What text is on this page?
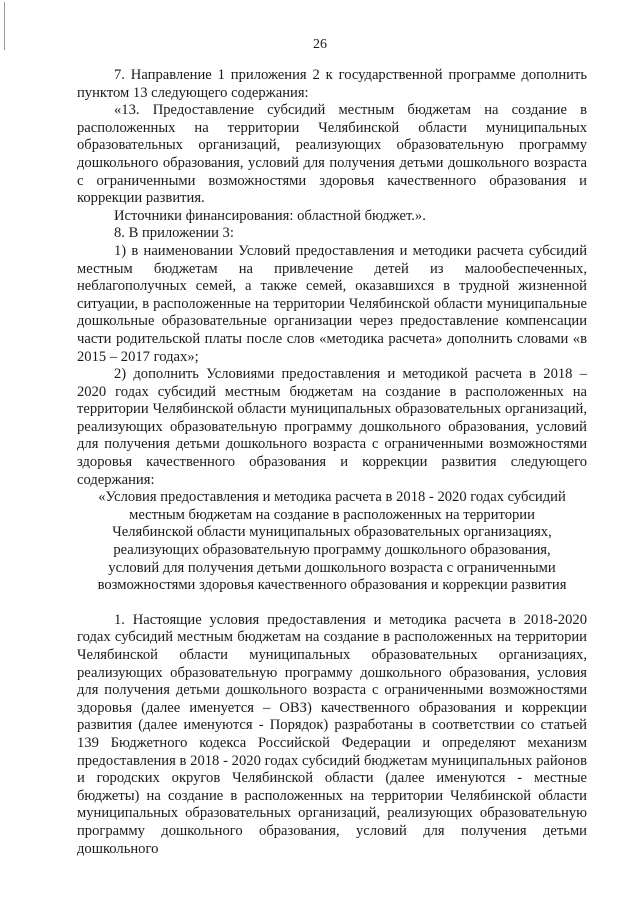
26

7. Направление 1 приложения 2 к государственной программе дополнить пунктом 13 следующего содержания:

«13. Предоставление субсидий местным бюджетам на создание в расположенных на территории Челябинской области муниципальных образовательных организаций, реализующих образовательную программу дошкольного образования, условий для получения детьми дошкольного возраста с ограниченными возможностями здоровья качественного образования и коррекции развития.

Источники финансирования: областной бюджет.».

8. В приложении 3:

1) в наименовании Условий предоставления и методики расчета субсидий местным бюджетам на привлечение детей из малообеспеченных, неблагополучных семей, а также семей, оказавшихся в трудной жизненной ситуации, в расположенные на территории Челябинской области муниципальные дошкольные образовательные организации через предоставление компенсации части родительской платы после слов «методика расчета» дополнить словами «в 2015 – 2017 годах»;

2) дополнить Условиями предоставления и методикой расчета в 2018 – 2020 годах субсидий местным бюджетам на создание в расположенных на территории Челябинской области муниципальных образовательных организаций, реализующих образовательную программу дошкольного образования, условий для получения детьми дошкольного возраста с ограниченными возможностями здоровья качественного образования и коррекции развития следующего содержания:

«Условия предоставления и методика расчета в 2018 - 2020 годах субсидий местным бюджетам на создание в расположенных на территории Челябинской области муниципальных образовательных организациях, реализующих образовательную программу дошкольного образования, условий для получения детьми дошкольного возраста с ограниченными возможностями здоровья качественного образования и коррекции развития

1. Настоящие условия предоставления и методика расчета в 2018-2020 годах субсидий местным бюджетам на создание в расположенных на территории Челябинской области муниципальных образовательных организациях, реализующих образовательную программу дошкольного образования, условия для получения детьми дошкольного возраста с ограниченными возможностями здоровья (далее именуется – ОВЗ) качественного образования и коррекции развития (далее именуются - Порядок) разработаны в соответствии со статьей 139 Бюджетного кодекса Российской Федерации и определяют механизм предоставления в 2018 - 2020 годах субсидий бюджетам муниципальных районов и городских округов Челябинской области (далее именуются - местные бюджеты) на создание в расположенных на территории Челябинской области муниципальных образовательных организаций, реализующих образовательную программу дошкольного образования, условий для получения детьми дошкольного
